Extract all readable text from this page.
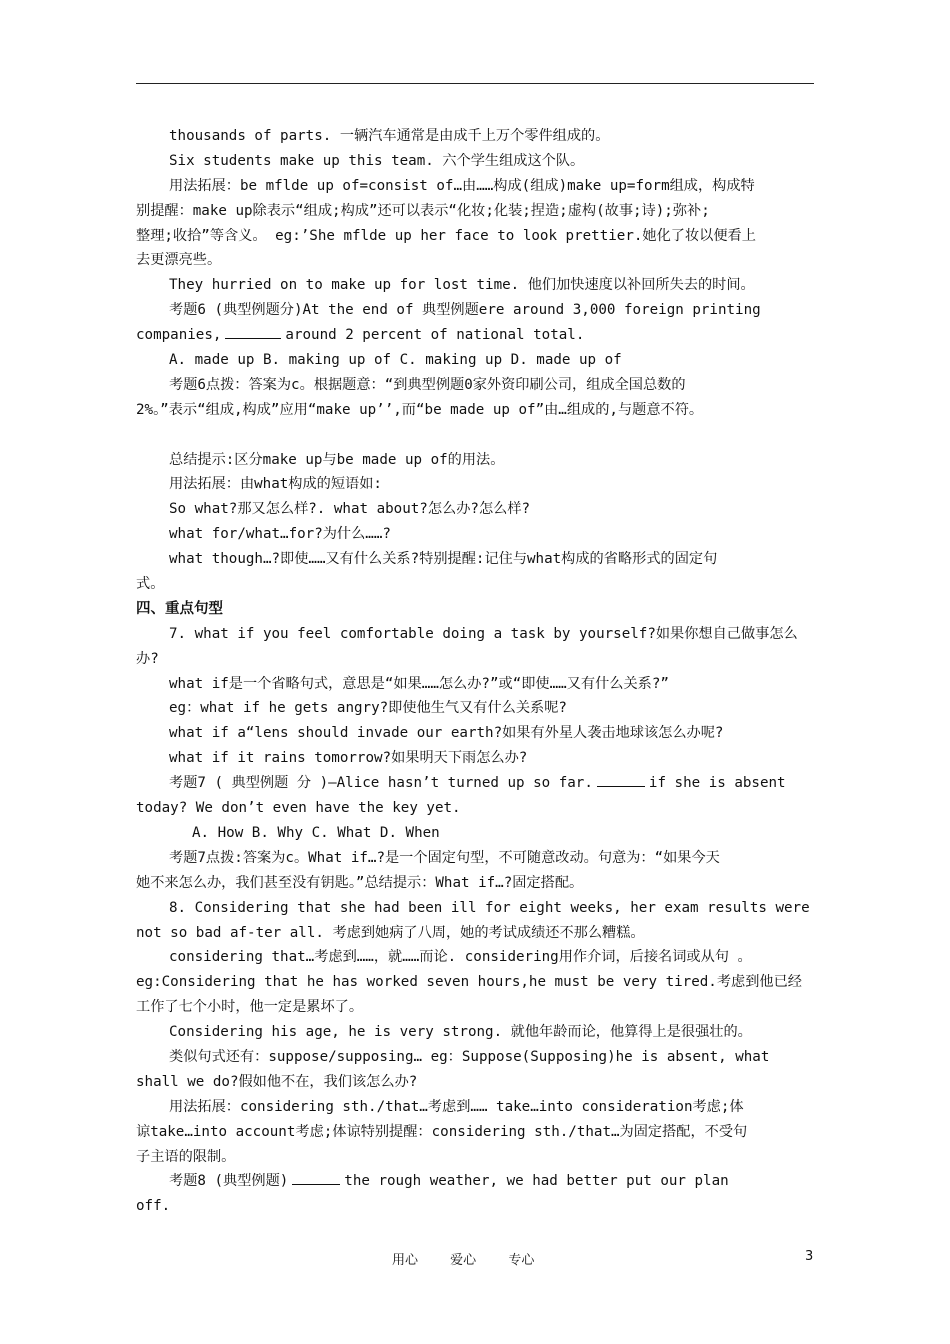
thousands of parts. 一辆汽车通常是由成千上万个零件组成的。
Six students make up this team. 六个学生组成这个队。
用法拓展：be mflde up of=consist of…由……构成(组成)make up=form组成，构成特
别提醒：make up除表示“组成;构成”还可以表示“化妆;化装;捏造;虚构(故事;诗);弥补;
整理;收拾”等含义。 eg:’She mflde up her face to look prettier.她化了妆以便看上
去更漂亮些。
They hurried on to make up for lost time. 他们加快速度以补回所失去的时间。
考题6 (典型例题分)At the end of 典型例题ere around 3,000 foreign printing
companies,	around 2 percent of national total.
A. made up B. making up of C. making up D. made up of
考题6点拨：答案为c。根据题意：“到典型例题0家外资印刷公司，组成全国总数的
2%。”表示“组成,构成”应用“make up’’,而“be made up of”由…组成的,与题意不符。
总结提示:区分make up与be made up of的用法。
用法拓展：由what构成的短语如:
So what?那又怎么样?. what about?怎么办?怎么样?
what for/what…for?为什么……?
what though…?即使……又有什么关系?特别提醒:记住与what构成的省略形式的固定句
式。
四、重点句型
7. what if you feel comfortable doing a task by yourself?如果你想自己做事怎么
办?
what if是一个省略句式，意思是“如果……怎么办?”或“即使……又有什么关系?”
eg：what if he gets angry?即使他生气又有什么关系呢?
what if a“lens should invade our earth?如果有外星人袭击地球该怎么办呢?
what if it rains tomorrow?如果明天下雨怎么办?
考题7 ( 典型例题 分 )—Alice hasn’t turned up so far.	if she is absent
today? We don’t even have the key yet.
A. How B. Why C. What D. When
考题7点拨:答案为c。What if…?是一个固定句型，不可随意改动。句意为：“如果今天
她不来怎么办，我们甚至没有钥匙。”总结提示：What if…?固定搭配。
8. Considering that she had been ill for eight weeks, her exam results were
not so bad af-ter all. 考虑到她病了八周，她的考试成绩还不那么糟糕。
considering that…考虑到……，就……而论. considering用作介词，后接名词或从句 。
eg:Considering that he has worked seven hours,he must be very tired.考虑到他已经
工作了七个小时，他一定是累坏了。
Considering his age, he is very strong. 就他年龄而论，他算得上是很强壮的。
类似句式还有：suppose/supposing… eg：Suppose(Supposing)he is absent, what
shall we do?假如他不在，我们该怎么办?
用法拓展：considering sth./that…考虑到…… take…into consideration考虑;体
谅take…into account考虑;体谅特别提醒：considering sth./that…为固定搭配，不受句
子主语的限制。
考题8 (典型例题)	the rough weather, we had better put our plan
off.
用心 爱心 专心	3
